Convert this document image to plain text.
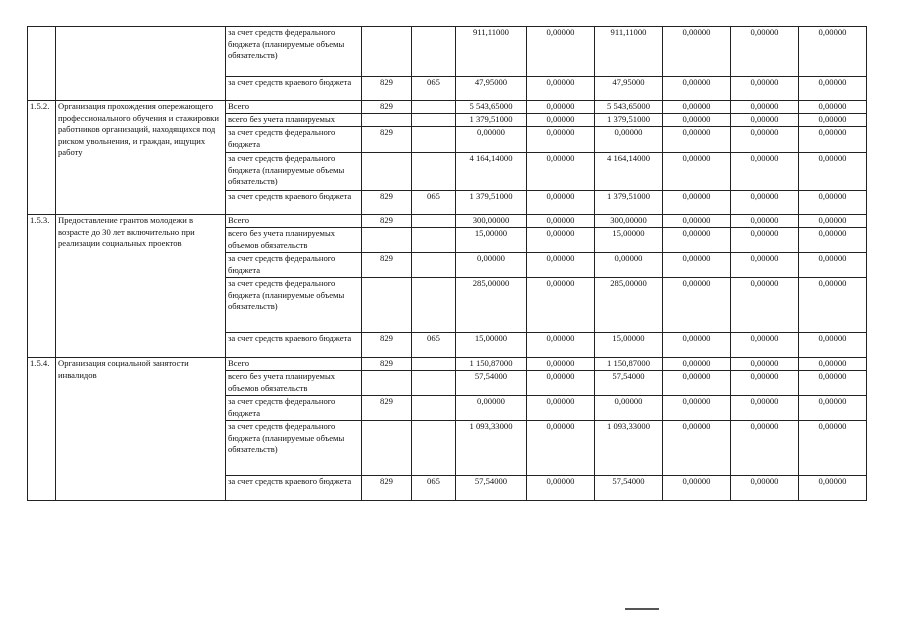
		за счет средств федерального бюджета (планируемые объемы обязательств)			911,11000	0,00000	911,11000	0,00000	0,00000	0,00000
		за счет средств краевого бюджета	829	065	47,95000	0,00000	47,95000	0,00000	0,00000	0,00000
1.5.2.	Организация прохождения опережающего профессионального обучения и стажировки работников организаций, находящихся под риском увольнения, и граждан, ищущих работу	Всего	829		5 543,65000	0,00000	5 543,65000	0,00000	0,00000	0,00000
		всего без учета планируемых			1 379,51000	0,00000	1 379,51000	0,00000	0,00000	0,00000
		за счет средств федерального бюджета	829		0,00000	0,00000	0,00000	0,00000	0,00000	0,00000
		за счет средств федерального бюджета (планируемые объемы обязательств)			4 164,14000	0,00000	4 164,14000	0,00000	0,00000	0,00000
		за счет средств краевого бюджета	829	065	1 379,51000	0,00000	1 379,51000	0,00000	0,00000	0,00000
1.5.3.	Предоставление грантов молодежи в возрасте до 30 лет включительно при реализации социальных проектов	Всего	829		300,00000	0,00000	300,00000	0,00000	0,00000	0,00000
		всего без учета планируемых объемов обязательств			15,00000	0,00000	15,00000	0,00000	0,00000	0,00000
		за счет средств федерального бюджета	829		0,00000	0,00000	0,00000	0,00000	0,00000	0,00000
		за счет средств федерального бюджета (планируемые объемы обязательств)			285,00000	0,00000	285,00000	0,00000	0,00000	0,00000
		за счет средств краевого бюджета	829	065	15,00000	0,00000	15,00000	0,00000	0,00000	0,00000
1.5.4.	Организация социальной занятости инвалидов	Всего	829		1 150,87000	0,00000	1 150,87000	0,00000	0,00000	0,00000
		всего без учета планируемых объемов обязательств			57,54000	0,00000	57,54000	0,00000	0,00000	0,00000
		за счет средств федерального бюджета	829		0,00000	0,00000	0,00000	0,00000	0,00000	0,00000
		за счет средств федерального бюджета (планируемые объемы обязательств)			1 093,33000	0,00000	1 093,33000	0,00000	0,00000	0,00000
		за счет средств краевого бюджета	829	065	57,54000	0,00000	57,54000	0,00000	0,00000	0,00000
